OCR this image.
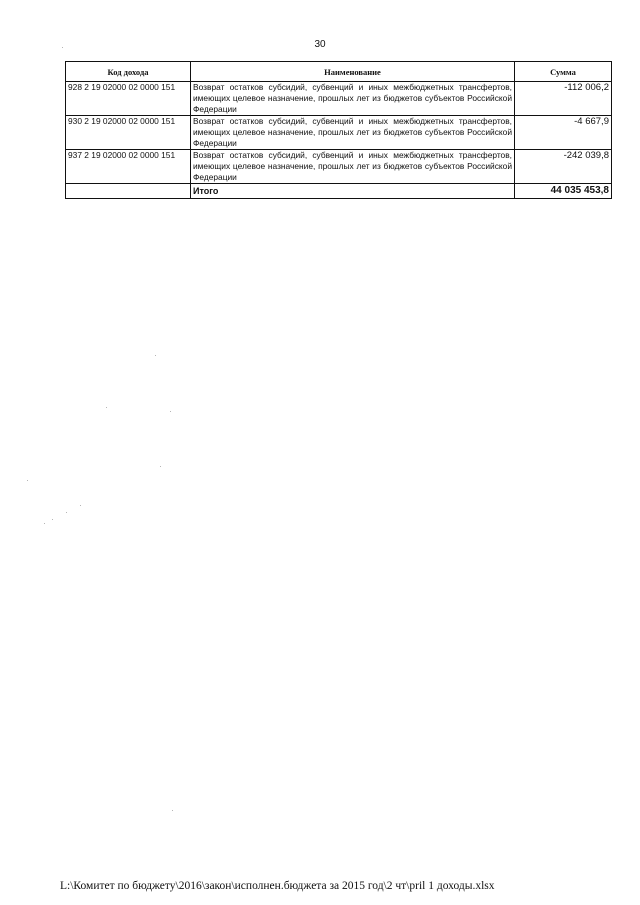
30
Код дохода	Наименование	Сумма
928 2 19 02000 02 0000 151	Возврат остатков субсидий, субвенций и иных межбюджетных трансфертов, имеющих целевое назначение, прошлых лет из бюджетов субъектов Российской Федерации	-112 006,2
930 2 19 02000 02 0000 151	Возврат остатков субсидий, субвенций и иных межбюджетных трансфертов, имеющих целевое назначение, прошлых лет из бюджетов субъектов Российской Федерации	-4 667,9
937 2 19 02000 02 0000 151	Возврат остатков субсидий, субвенций и иных межбюджетных трансфертов, имеющих целевое назначение, прошлых лет из бюджетов субъектов Российской Федерации	-242 039,8
	Итого	44 035 453,8
L:\Комитет по бюджету\2016\закон\исполнен.бюджета за 2015 год\2 чт\pril 1 доходы.xlsx
